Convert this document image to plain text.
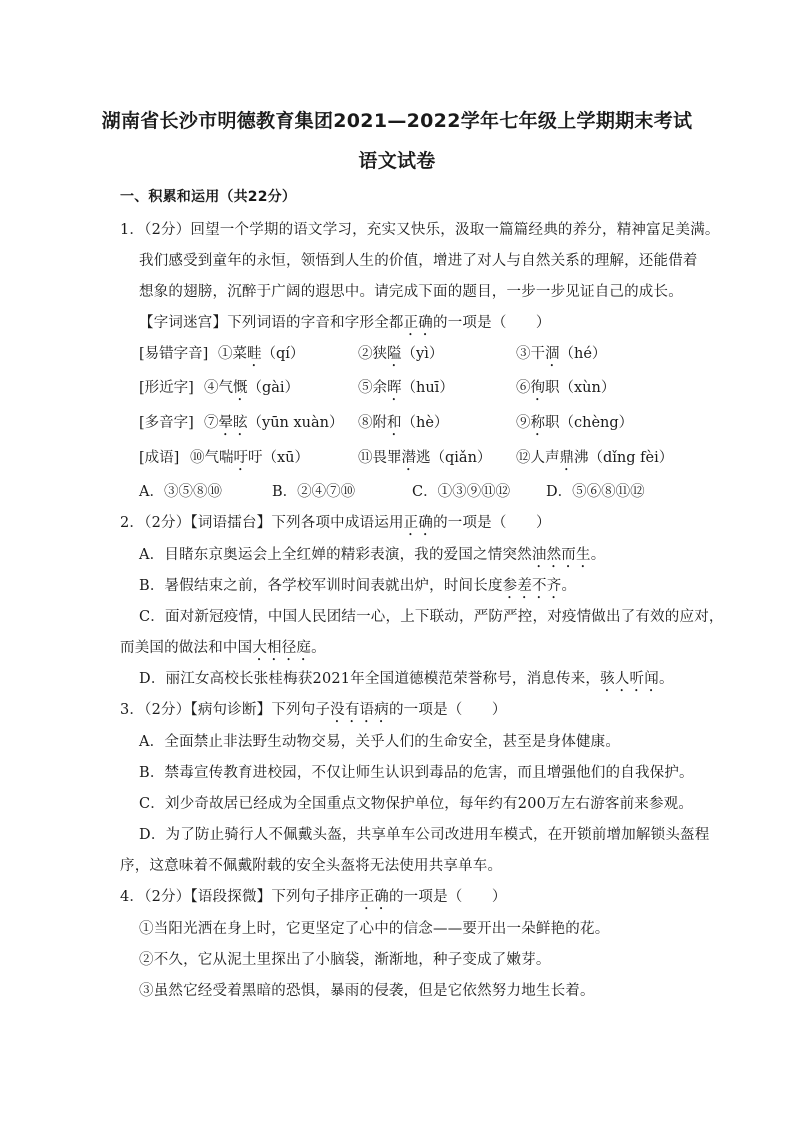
湖南省长沙市明德教育集团2021—2022学年七年级上学期期末考试
语文试卷
一、积累和运用（共22分）
1．（2分）回望一个学期的语文学习，充实又快乐，汲取一篇篇经典的养分，精神富足美满。
我们感受到童年的永恒，领悟到人生的价值，增进了对人与自然关系的理解，还能借着
想象的翅膀，沉醉于广阔的遐思中。请完成下面的题目，一步一步见证自己的成长。
【字词迷宫】下列词语的字音和字形全都正确的一项是（　　）
[易错字音] ①菜畦（qí）	②狭隘（yì）	③干涸（hé）
[形近字] ④气慨（gài）	⑤余晖（huī）	⑥徇职（xùn）
[多音字] ⑦晕眩（yūn xuàn） ⑧附和（hè）	⑨称职（chèng）
[成语] ⑩气喘吁吁（xū）	⑪畏罪潜逃（qiǎn） ⑫人声鼎沸（dǐng fèi）
A．③⑤⑧⑩	B．②④⑦⑩	C．①③⑨⑪⑫ D．⑤⑥⑧⑪⑫
2．（2分）【词语擂台】下列各项中成语运用正确的一项是（　　）
A．目睹东京奥运会上全红婵的精彩表演，我的爱国之情突然油然而生。
B．暑假结束之前，各学校军训时间表就出炉，时间长度参差不齐。
C．面对新冠疫情，中国人民团结一心，上下联动，严防严控，对疫情做出了有效的应对，
而美国的做法和中国大相径庭。
D．丽江女高校长张桂梅获2021年全国道德模范荣誉称号，消息传来，骇人听闻。
3．（2分）【病句诊断】下列句子没有语病的一项是（　　）
A．全面禁止非法野生动物交易，关乎人们的生命安全，甚至是身体健康。
B．禁毒宣传教育进校园，不仅让师生认识到毒品的危害，而且增强他们的自我保护。
C．刘少奇故居已经成为全国重点文物保护单位，每年约有200万左右游客前来参观。
D．为了防止骑行人不佩戴头盔，共享单车公司改进用车模式，在开锁前增加解锁头盔程
序，这意味着不佩戴附载的安全头盔将无法使用共享单车。
4．（2分）【语段探微】下列句子排序正确的一项是（　　）
①当阳光洒在身上时，它更坚定了心中的信念——要开出一朵鲜艳的花。
②不久，它从泥土里探出了小脑袋，渐渐地，种子变成了嫩芽。
③虽然它经受着黑暗的恐惧，暴雨的侵袭，但是它依然努力地生长着。
